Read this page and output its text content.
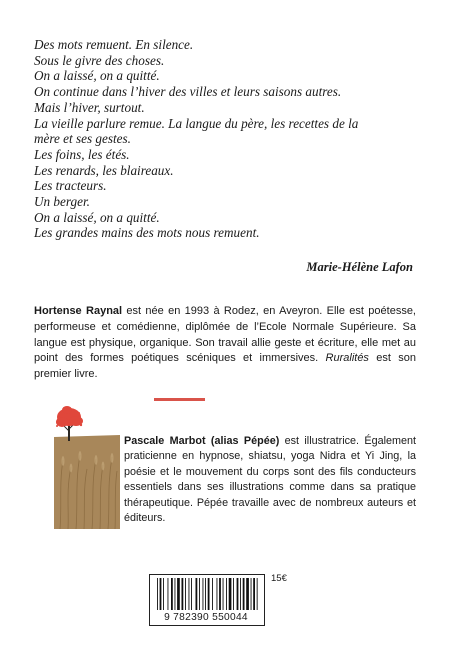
Des mots remuent. En silence.
Sous le givre des choses.
On a laissé, on a quitté.
On continue dans l’hiver des villes et leurs saisons autres.
Mais l’hiver, surtout.
La vieille parlure remue. La langue du père, les recettes de la
mère et ses gestes.
Les foins, les étés.
Les renards, les blaireaux.
Les tracteurs.
Un berger.
On a laissé, on a quitté.
Les grandes mains des mots nous remuent.
Marie-Hélène Lafon
Hortense Raynal est née en 1993 à Rodez, en Aveyron. Elle est poétesse, performeuse et comédienne, diplômée de l’Ecole Normale Supérieure. Sa langue est physique, organique. Son travail allie geste et écriture, elle met au point des formes poétiques scéniques et immersives. Ruralités est son premier livre.
Pascale Marbot (alias Pépée) est illustratrice. Également praticienne en hypnose, shiatsu, yoga Nidra et Yi Jing, la poésie et le mouvement du corps sont des fils conducteurs essentiels dans ses illustrations comme dans sa pratique thérapeutique. Pépée travaille avec de nombreux auteurs et éditeurs.
9 782390 550044
15€
